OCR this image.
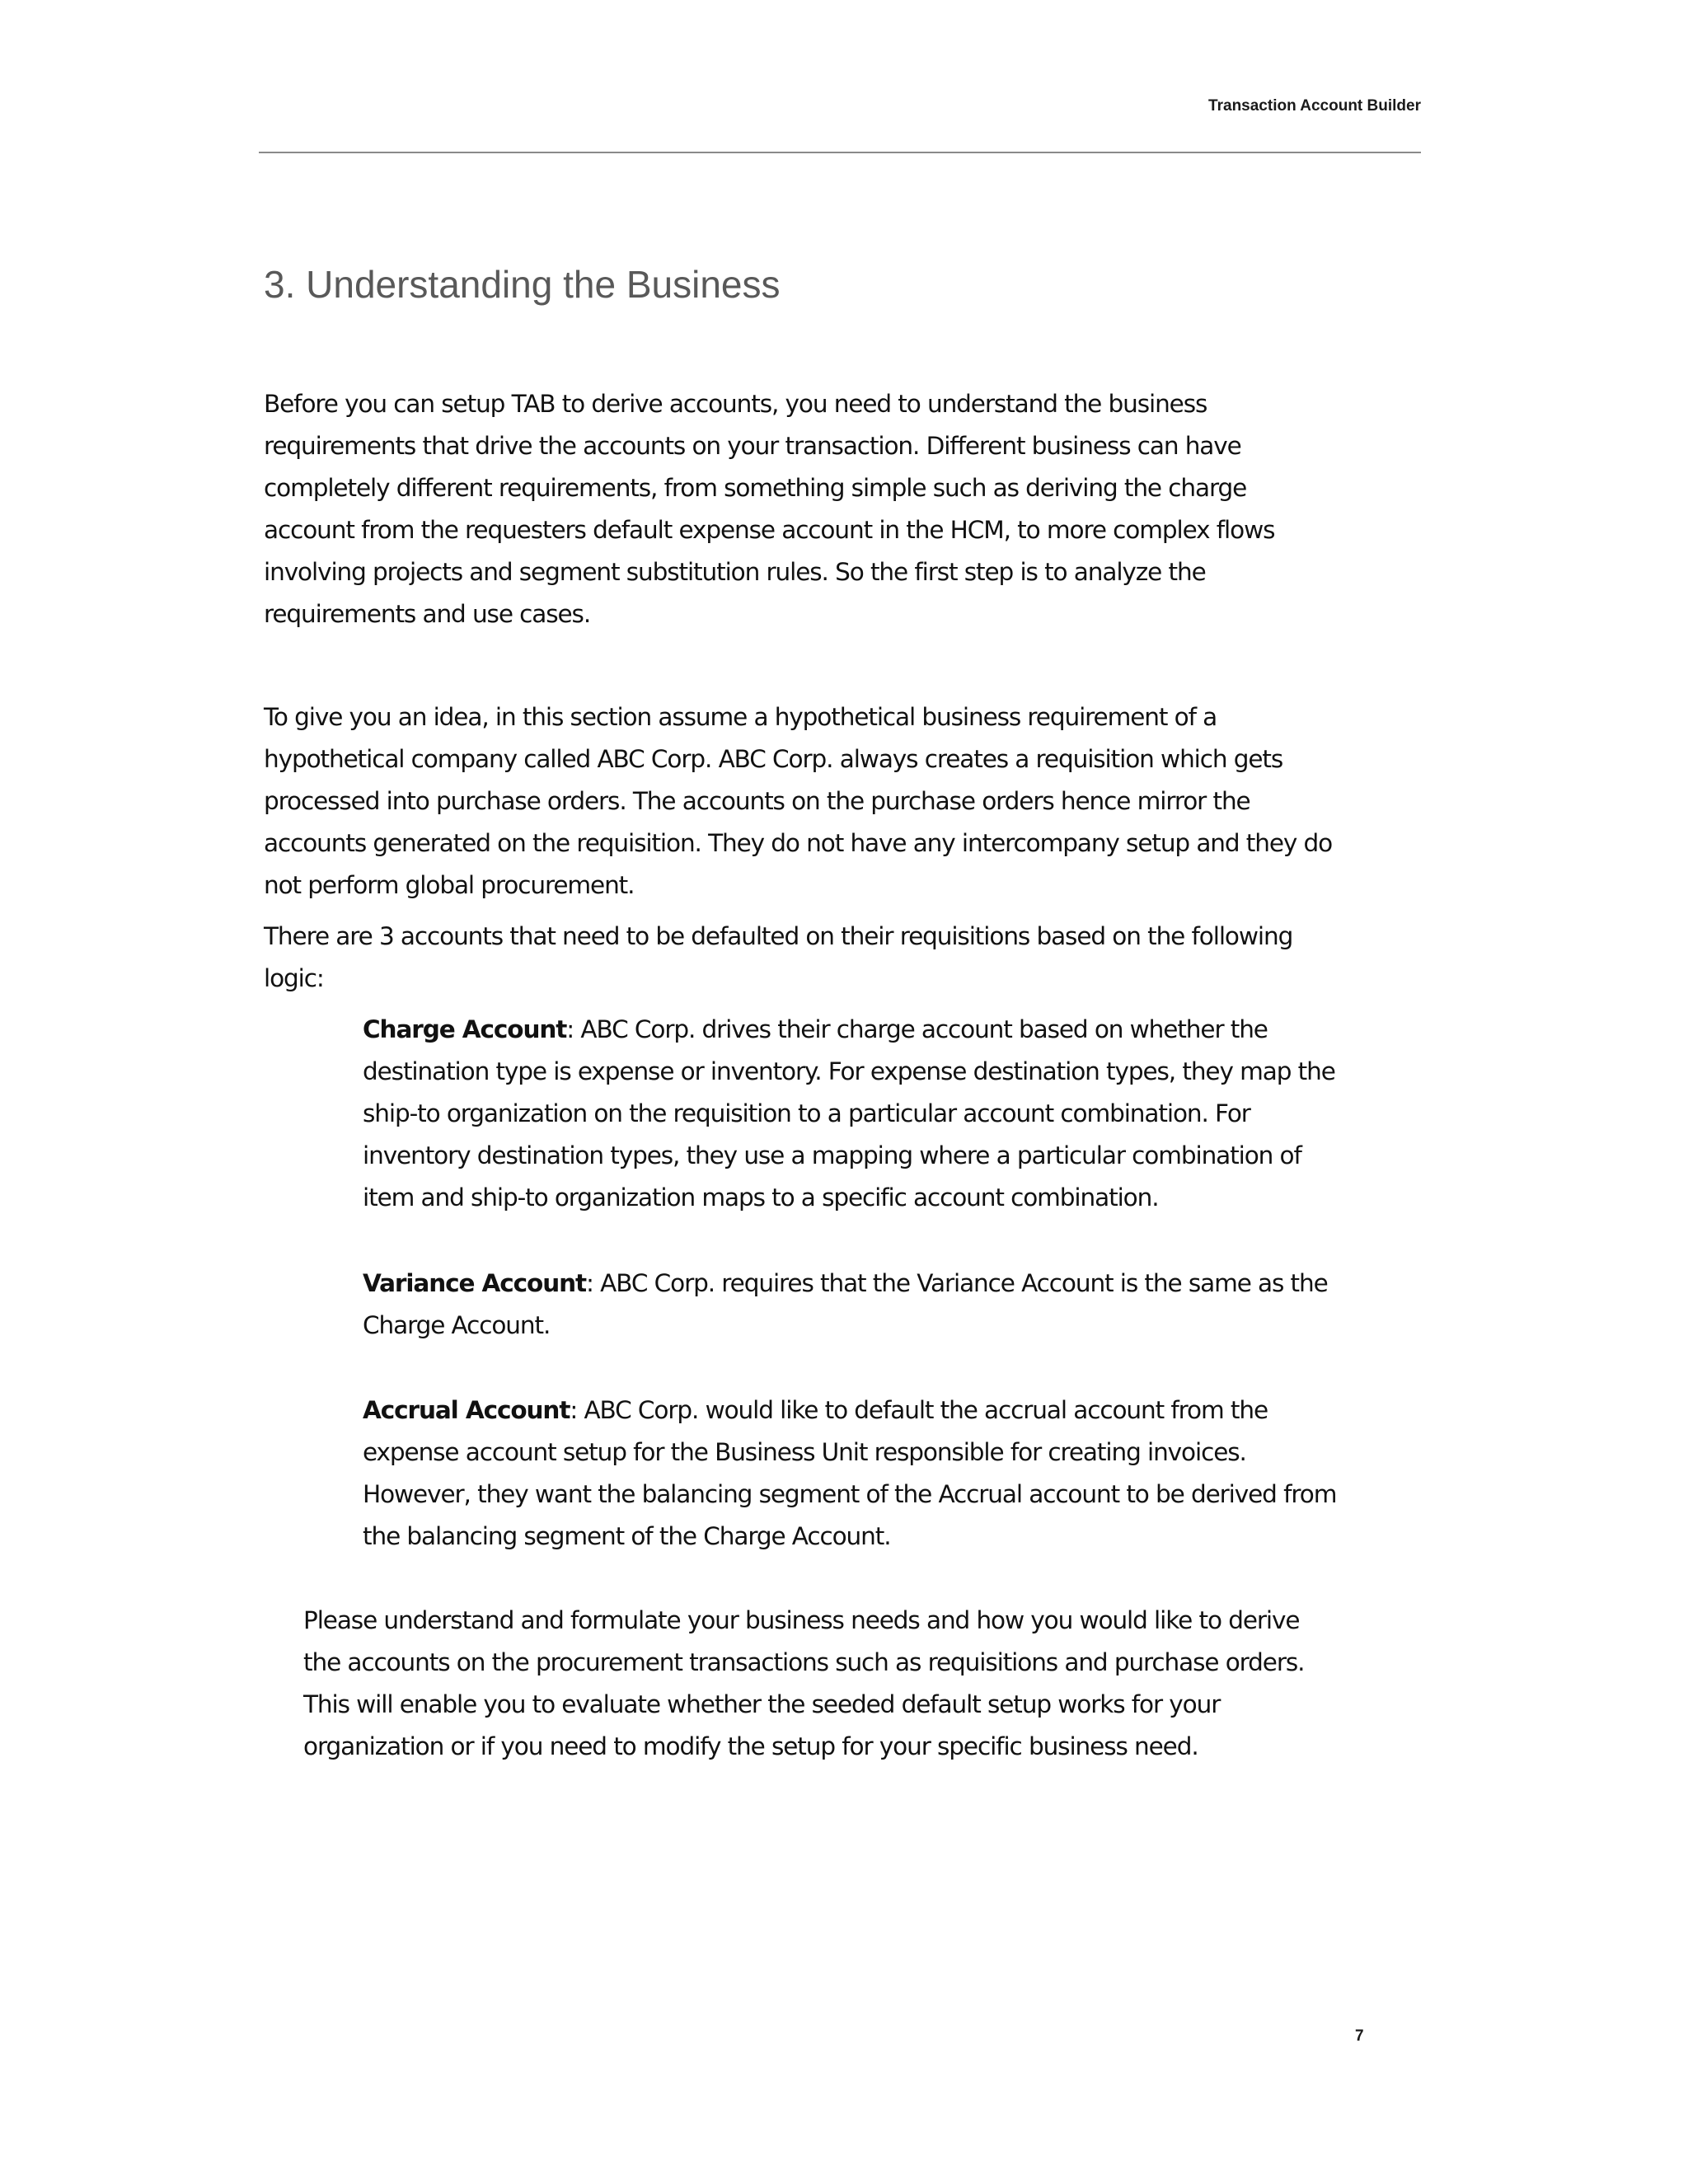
Transaction Account Builder
3. Understanding the Business

Before you can setup TAB to derive accounts, you need to understand the business
requirements that drive the accounts on your transaction. Different business can have
completely different requirements, from something simple such as deriving the charge
account from the requesters default expense account in the HCM, to more complex flows
involving projects and segment substitution rules. So the first step is to analyze the
requirements and use cases.

To give you an idea, in this section assume a hypothetical business requirement of a
hypothetical company called ABC Corp. ABC Corp. always creates a requisition which gets
processed into purchase orders. The accounts on the purchase orders hence mirror the
accounts generated on the requisition. They do not have any intercompany setup and they do
not perform global procurement.

There are 3 accounts that need to be defaulted on their requisitions based on the following
logic:

Charge Account: ABC Corp. drives their charge account based on whether the
destination type is expense or inventory. For expense destination types, they map the
ship-to organization on the requisition to a particular account combination. For
inventory destination types, they use a mapping where a particular combination of
item and ship-to organization maps to a specific account combination.

Variance Account: ABC Corp. requires that the Variance Account is the same as the
Charge Account.

Accrual Account: ABC Corp. would like to default the accrual account from the
expense account setup for the Business Unit responsible for creating invoices.
However, they want the balancing segment of the Accrual account to be derived from
the balancing segment of the Charge Account.

Please understand and formulate your business needs and how you would like to derive
the accounts on the procurement transactions such as requisitions and purchase orders.
This will enable you to evaluate whether the seeded default setup works for your
organization or if you need to modify the setup for your specific business need.

7
